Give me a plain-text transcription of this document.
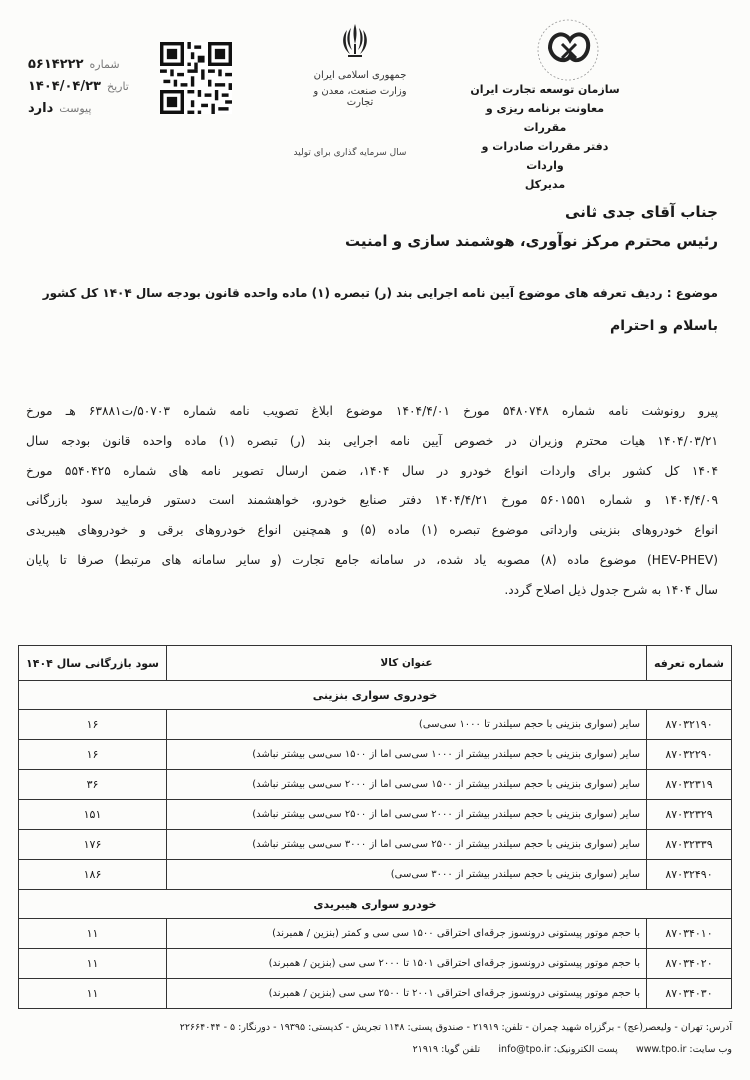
شماره
۵۶۱۴۲۲۲
تاریخ
۱۴۰۴/۰۴/۲۳
پیوست
دارد
جمهوری اسلامی ایران
وزارت صنعت، معدن و تجارت
سال سرمایه گذاری برای تولید
سازمان توسعه تجارت ایران
معاونت برنامه ریزی و مقررات
دفتر مقررات صادرات و واردات
مدیرکل
جناب آقای جدی ثانی
رئیس محترم مرکز نوآوری، هوشمند سازی و امنیت
موضوع : ردیف تعرفه های موضوع آیین نامه اجرایی بند (ر) تبصره (۱) ماده واحده قانون بودجه سال ۱۴۰۴ کل کشور
باسلام و احترام

پیرو رونوشت نامه شماره ۵۴۸۰۷۴۸ مورخ ۱۴۰۴/۴/۰۱ موضوع ابلاغ تصویب نامه شماره ۵۰۷۰۳/ت۶۳۸۸۱ هـ مورخ

۱۴۰۴/۰۳/۲۱ هیات محترم وزیران در خصوص آیین نامه اجرایی بند (ر) تبصره (۱) ماده واحده قانون بودجه سال

۱۴۰۴ کل کشور برای واردات انواع خودرو در سال ۱۴۰۴، ضمن ارسال تصویر نامه های شماره ۵۵۴۰۴۲۵ مورخ

۱۴۰۴/۴/۰۹ و شماره ۵۶۰۱۵۵۱ مورخ ۱۴۰۴/۴/۲۱ دفتر صنایع خودرو، خواهشمند است دستور فرمایید سود بازرگانی

انواع خودروهای بنزینی وارداتی موضوع تبصره (۱) ماده (۵) و همچنین انواع خودروهای برقی و خودروهای هیبریدی

(HEV-PHEV) موضوع ماده (۸) مصوبه یاد شده، در سامانه جامع تجارت (و سایر سامانه های مرتبط) صرفا تا پایان

سال ۱۴۰۴ به شرح جدول ذیل اصلاح گردد.

شماره تعرفه	عنوان کالا	سود بازرگانی سال ۱۴۰۴
خودروی سواری بنزینی		
۸۷۰۳۲۱۹۰	سایر (سواری بنزینی با حجم سیلندر تا ۱۰۰۰ سی‌سی)	۱۶
۸۷۰۳۲۲۹۰	سایر (سواری بنزینی با حجم سیلندر بیشتر از ۱۰۰۰ سی‌سی اما از ۱۵۰۰ سی‌سی بیشتر نباشد)	۱۶
۸۷۰۳۲۳۱۹	سایر (سواری بنزینی با حجم سیلندر بیشتر از ۱۵۰۰ سی‌سی اما از ۲۰۰۰ سی‌سی بیشتر نباشد)	۳۶
۸۷۰۳۲۳۲۹	سایر (سواری بنزینی با حجم سیلندر بیشتر از ۲۰۰۰ سی‌سی اما از ۲۵۰۰ سی‌سی بیشتر نباشد)	۱۵۱
۸۷۰۳۲۳۳۹	سایر (سواری بنزینی با حجم سیلندر بیشتر از ۲۵۰۰ سی‌سی اما از ۳۰۰۰ سی‌سی بیشتر نباشد)	۱۷۶
۸۷۰۳۲۴۹۰	سایر (سواری بنزینی با حجم سیلندر بیشتر از ۳۰۰۰ سی‌سی)	۱۸۶
خودرو سواری هیبریدی		
۸۷۰۳۴۰۱۰	با حجم موتور پیستونی درونسوز جرقه‌ای احتراقی ۱۵۰۰ سی سی و کمتر (بنزین / همبرند)	۱۱
۸۷۰۳۴۰۲۰	با حجم موتور پیستونی درونسوز جرقه‌ای احتراقی ۱۵۰۱ تا ۲۰۰۰ سی سی (بنزین / همبرند)	۱۱
۸۷۰۳۴۰۳۰	با حجم موتور پیستونی درونسوز جرقه‌ای احتراقی ۲۰۰۱ تا ۲۵۰۰ سی سی (بنزین / همبرند)	۱۱
آدرس: تهران - ولیعصر(عج) - برگزراه شهید چمران - تلفن: ۲۱۹۱۹ - صندوق پستی: ۱۱۴۸ تجریش - کدپستی: ۱۹۳۹۵ - دورنگار: ۵ - ۲۲۶۶۴۰۴۴
وب سایت: www.tpo.ir      پست الکترونیک: info@tpo.ir      تلفن گویا: ۲۱۹۱۹
